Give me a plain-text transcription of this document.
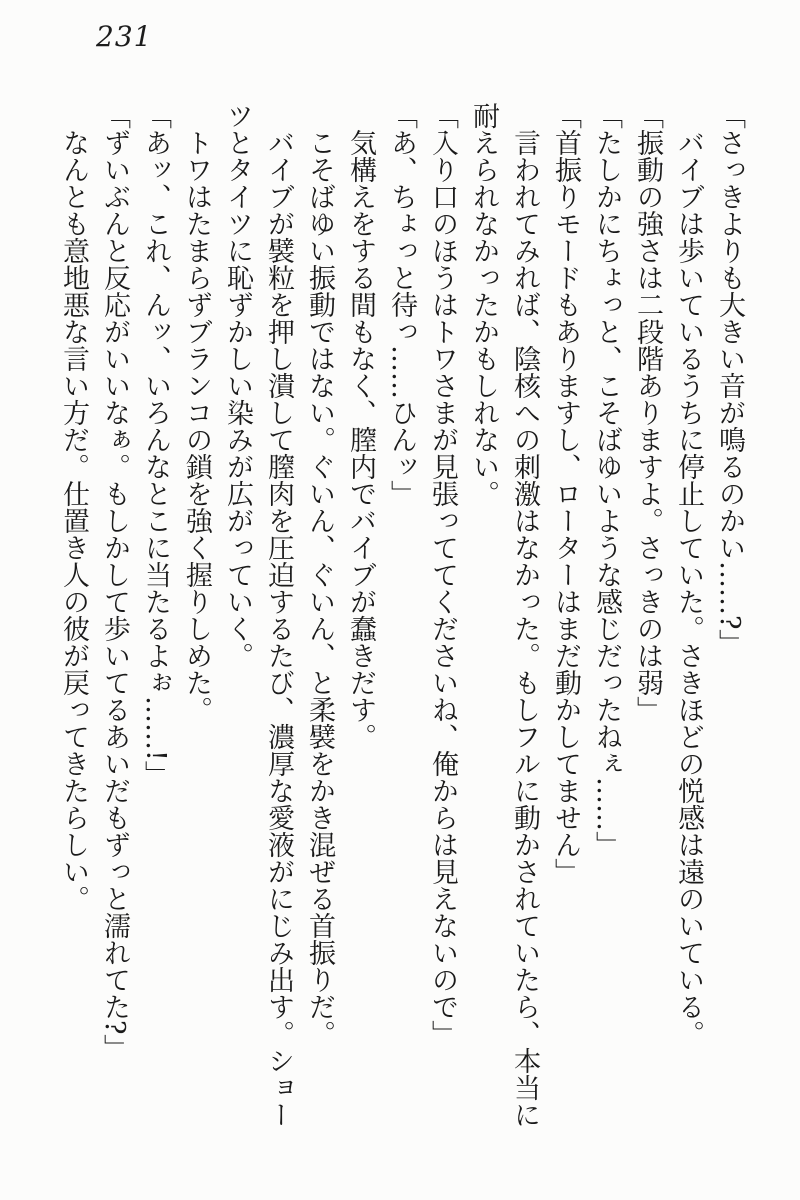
231

「さっきよりも大きい音が鳴るのかい……?」

バイブは歩いているうちに停止していた。さきほどの悦感は遠のいている。

「振動の強さは二段階ありますよ。さっきのは弱」

「たしかにちょっと、こそばゆいような感じだったねぇ……」

「首振りモードもありますし、ローターはまだ動かしてません」

言われてみれば、陰核への刺激はなかった。もしフルに動かされていたら、本当に耐えられなかったかもしれない。

「入り口のほうはトワさまが見張っててくださいね、俺からは見えないので」

「あ、ちょっと待っ……ひんッ」

気構えをする間もなく、膣内でバイブが蠢きだす。

こそばゆい振動ではない。ぐいん、ぐいん、と柔襞をかき混ぜる首振りだ。

バイブが襞粒を押し潰して膣肉を圧迫するたび、濃厚な愛液がにじみ出す。ショーツとタイツに恥ずかしい染みが広がっていく。

トワはたまらずブランコの鎖を強く握りしめた。

「あッ、これ、んッ、いろんなとこに当たるよぉ……!」

「ずいぶんと反応がいいなぁ。もしかして歩いてるあいだもずっと濡れてた?」

なんとも意地悪な言い方だ。仕置き人の彼が戻ってきたらしい。
